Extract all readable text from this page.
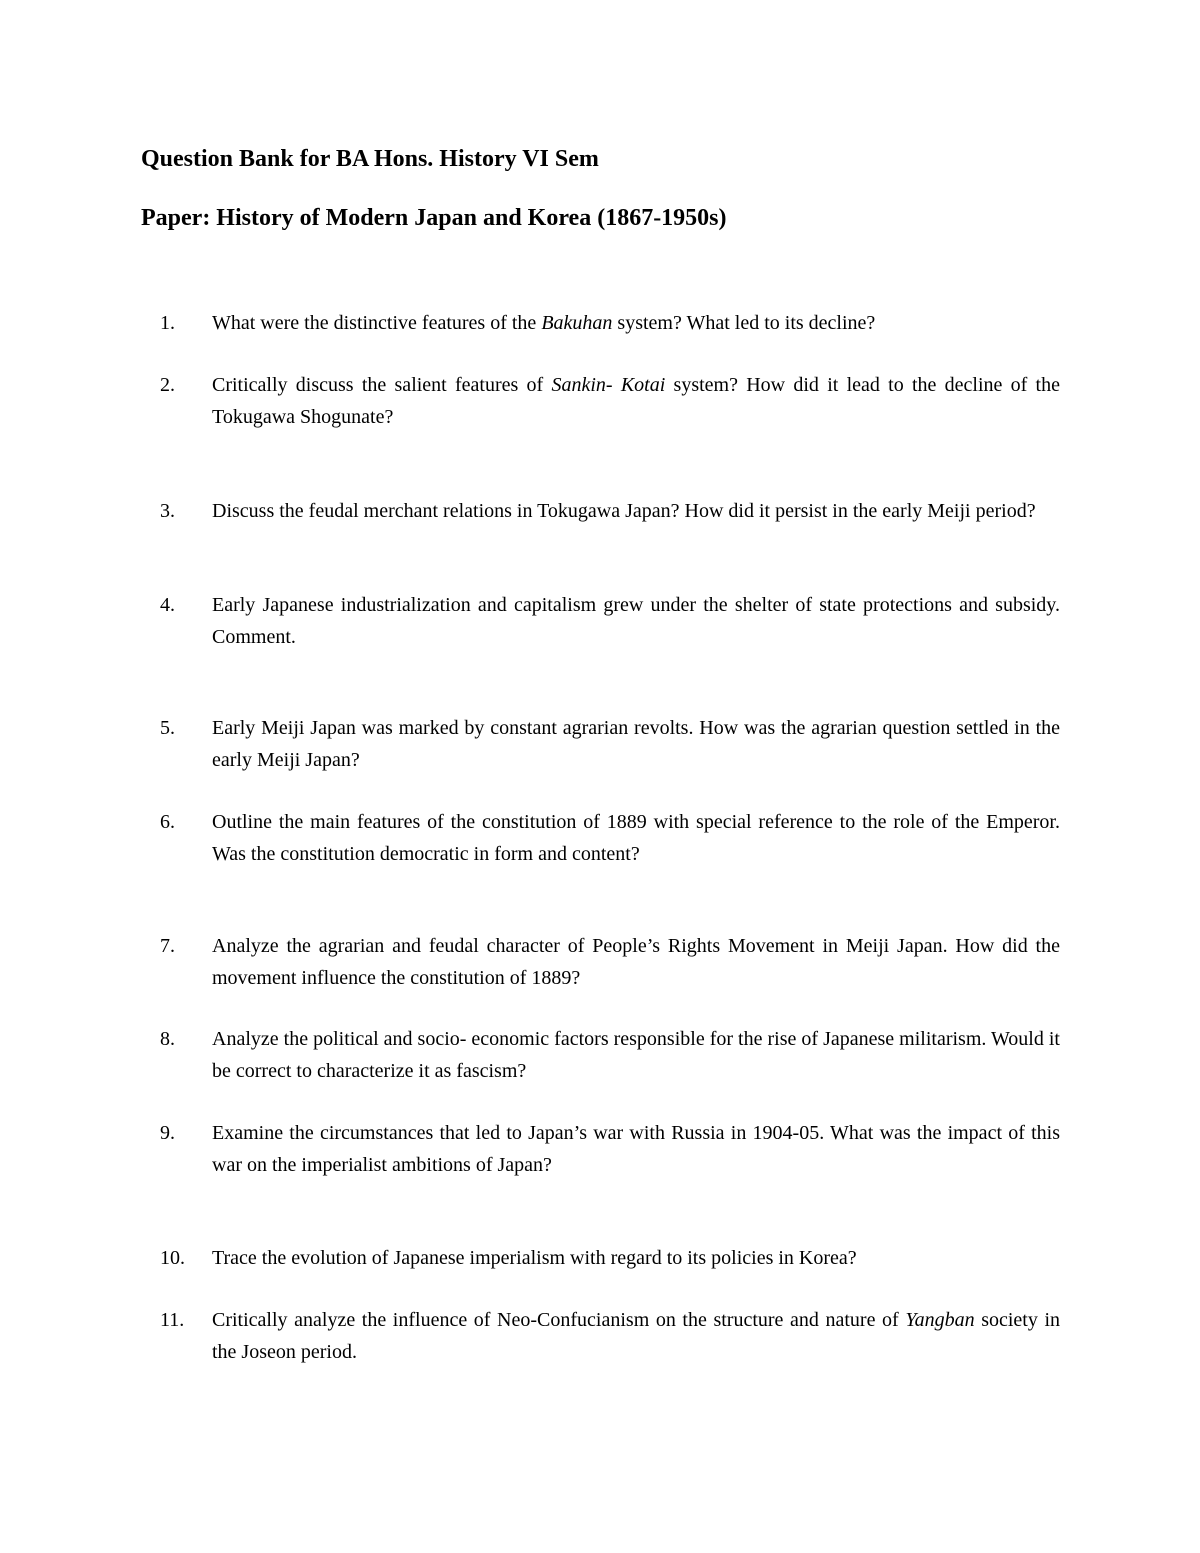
Question Bank for BA Hons. History VI Sem
Paper: History of Modern Japan and Korea (1867-1950s)
1.	What were the distinctive features of the Bakuhan system? What led to its decline?
2.	Critically discuss the salient features of Sankin- Kotai system? How did it lead to the decline of the Tokugawa Shogunate?
3.	Discuss the feudal merchant relations in Tokugawa Japan? How did it persist in the early Meiji period?
4.	Early Japanese industrialization and capitalism grew under the shelter of state protections and subsidy. Comment.
5.	Early Meiji Japan was marked by constant agrarian revolts. How was the agrarian question settled in the early Meiji Japan?
6.	Outline the main features of the constitution of 1889 with special reference to the role of the Emperor. Was the constitution democratic in form and content?
7.	Analyze the agrarian and feudal character of People’s Rights Movement in Meiji Japan. How did the movement influence the constitution of 1889?
8.	Analyze the political and socio- economic factors responsible for the rise of Japanese militarism. Would it be correct to characterize it as fascism?
9.	Examine the circumstances that led to Japan’s war with Russia in 1904-05. What was the impact of this war on the imperialist ambitions of Japan?
10.	Trace the evolution of Japanese imperialism with regard to its policies in Korea?
11.	Critically analyze the influence of Neo-Confucianism on the structure and nature of Yangban society in the Joseon period.
